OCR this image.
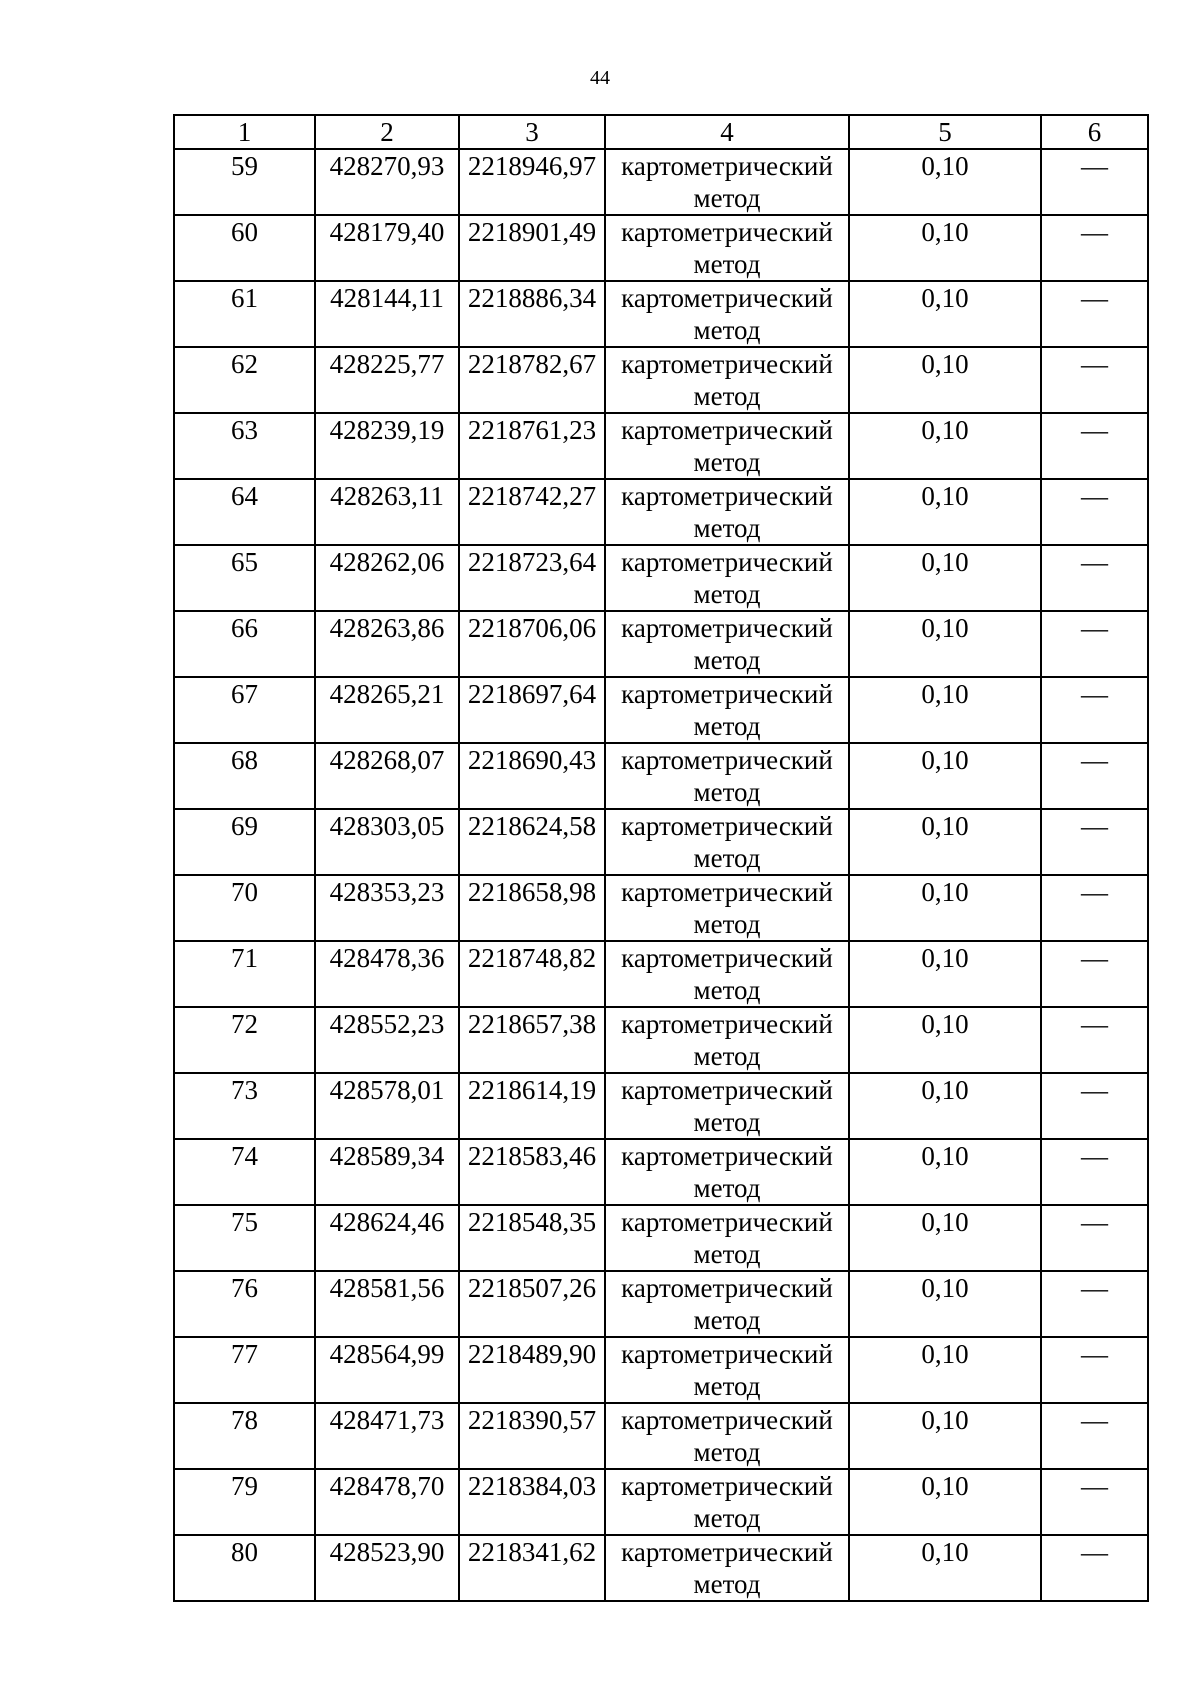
44
1	2	3	4	5	6
59	428270,93	2218946,97	картометрический метод	0,10	—
60	428179,40	2218901,49	картометрический метод	0,10	—
61	428144,11	2218886,34	картометрический метод	0,10	—
62	428225,77	2218782,67	картометрический метод	0,10	—
63	428239,19	2218761,23	картометрический метод	0,10	—
64	428263,11	2218742,27	картометрический метод	0,10	—
65	428262,06	2218723,64	картометрический метод	0,10	—
66	428263,86	2218706,06	картометрический метод	0,10	—
67	428265,21	2218697,64	картометрический метод	0,10	—
68	428268,07	2218690,43	картометрический метод	0,10	—
69	428303,05	2218624,58	картометрический метод	0,10	—
70	428353,23	2218658,98	картометрический метод	0,10	—
71	428478,36	2218748,82	картометрический метод	0,10	—
72	428552,23	2218657,38	картометрический метод	0,10	—
73	428578,01	2218614,19	картометрический метод	0,10	—
74	428589,34	2218583,46	картометрический метод	0,10	—
75	428624,46	2218548,35	картометрический метод	0,10	—
76	428581,56	2218507,26	картометрический метод	0,10	—
77	428564,99	2218489,90	картометрический метод	0,10	—
78	428471,73	2218390,57	картометрический метод	0,10	—
79	428478,70	2218384,03	картометрический метод	0,10	—
80	428523,90	2218341,62	картометрический метод	0,10	—
